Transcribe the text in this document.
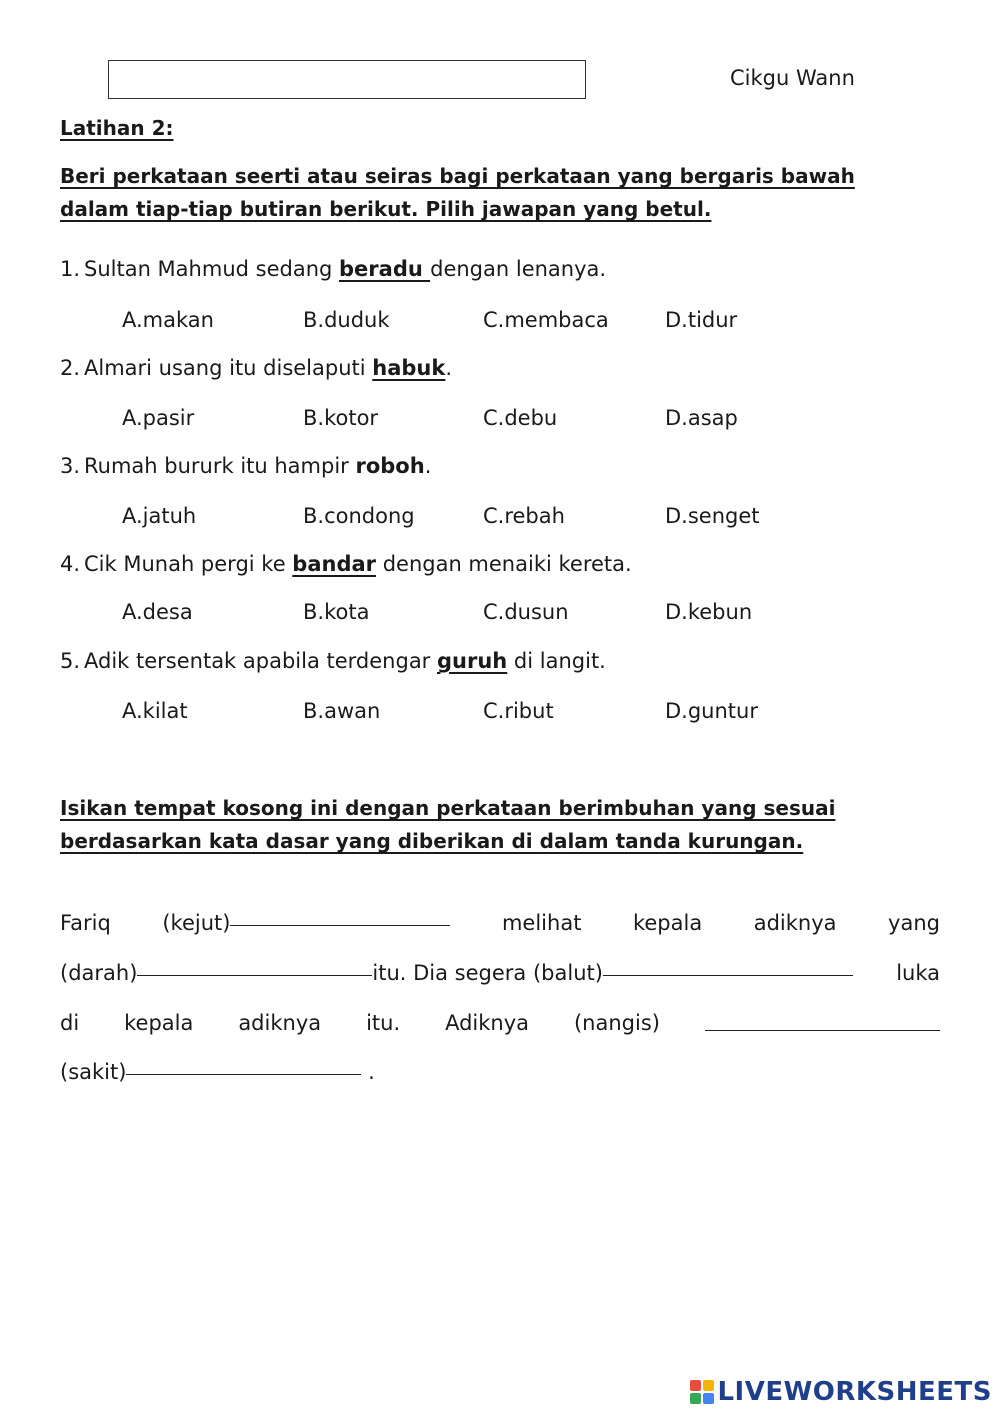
Cikgu Wann
Latihan 2:
Beri perkataan seerti atau seiras bagi perkataan yang bergaris bawah dalam tiap-tiap butiran berikut. Pilih jawapan yang betul.
1. Sultan Mahmud sedang beradu dengan lenanya.
A.makan	B.duduk	C.membaca	D.tidur
2. Almari usang itu diselaputi habuk.
A.pasir	B.kotor	C.debu	D.asap
3. Rumah bururk itu hampir roboh.
A.jatuh	B.condong	C.rebah	D.senget
4. Cik Munah pergi ke bandar dengan menaiki kereta.
A.desa	B.kota	C.dusun	D.kebun
5. Adik tersentak apabila terdengar guruh di langit.
A.kilat	B.awan	C.ribut	D.guntur
Isikan tempat kosong ini dengan perkataan berimbuhan yang sesuai berdasarkan kata dasar yang diberikan di dalam tanda kurungan.
Fariq (kejut)	melihat kepala adiknya yang
(darah)	itu. Dia segera (balut)	luka
di kepala adiknya itu. Adiknya (nangis)
(sakit)	.
LIVEWORKSHEETS
